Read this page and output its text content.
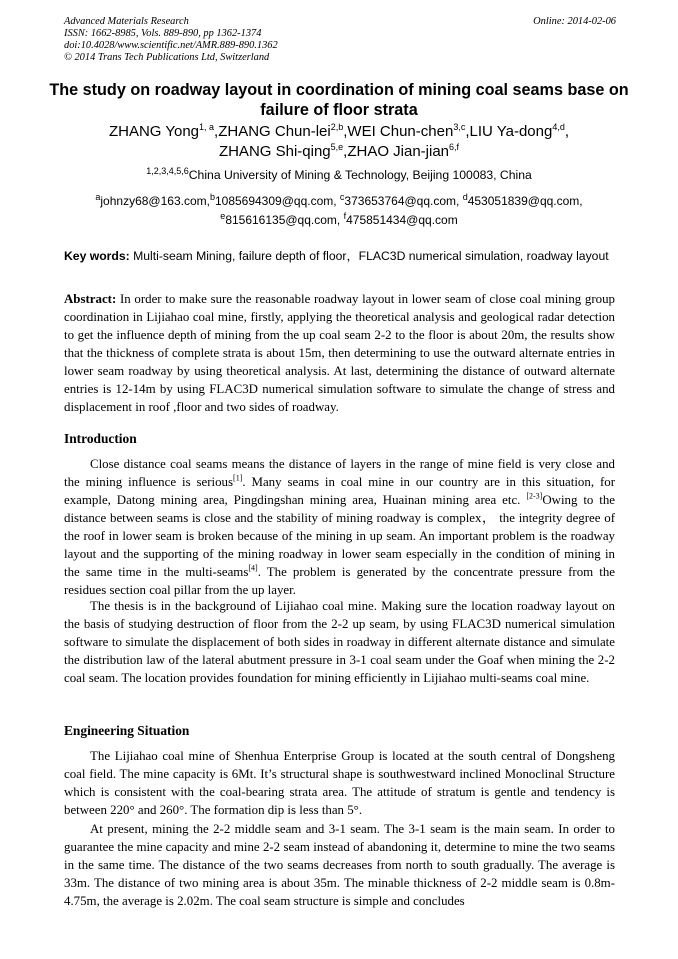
Advanced Materials Research
ISSN: 1662-8985, Vols. 889-890, pp 1362-1374
doi:10.4028/www.scientific.net/AMR.889-890.1362
© 2014 Trans Tech Publications Ltd, Switzerland
Online: 2014-02-06
The study on roadway layout in coordination of mining coal seams base on failure of floor strata
ZHANG Yong$^{1, a}$,ZHANG Chun-lei$^{2,b}$,WEI Chun-chen$^{3,c}$,LIU Ya-dong$^{4,d}$,
ZHANG Shi-qing$^{5,e}$,ZHAO Jian-jian$^{6,f}$
$^{1,2,3,4,5,6}$China University of Mining & Technology, Beijing 100083, China
$^a$johnzy68@163.com,$^b$1085694309@qq.com, $^c$373653764@qq.com, $^d$453051839@qq.com,
$^e$815616135@qq.com, $^f$475851434@qq.com
Key words: Multi-seam Mining, failure depth of floor，FLAC3D numerical simulation, roadway layout
Abstract: In order to make sure the reasonable roadway layout in lower seam of close coal mining group coordination in Lijiahao coal mine, firstly, applying the theoretical analysis and geological radar detection to get the influence depth of mining from the up coal seam 2-2 to the floor is about 20m, the results show that the thickness of complete strata is about 15m, then determining to use the outward alternate entries in lower seam roadway by using theoretical analysis. At last, determining the distance of outward alternate entries is 12-14m by using FLAC3D numerical simulation software to simulate the change of stress and displacement in roof ,floor and two sides of roadway.
Introduction
Close distance coal seams means the distance of layers in the range of mine field is very close and the mining influence is serious[1]. Many seams in coal mine in our country are in this situation, for example, Datong mining area, Pingdingshan mining area, Huainan mining area etc. [2-3]Owing to the distance between seams is close and the stability of mining roadway is complex， the integrity degree of the roof in lower seam is broken because of the mining in up seam. An important problem is the roadway layout and the supporting of the mining roadway in lower seam especially in the condition of mining in the same time in the multi-seams[4]. The problem is generated by the concentrate pressure from the residues section coal pillar from the up layer.
The thesis is in the background of Lijiahao coal mine. Making sure the location roadway layout on the basis of studying destruction of floor from the 2-2 up seam, by using FLAC3D numerical simulation software to simulate the displacement of both sides in roadway in different alternate distance and simulate the distribution law of the lateral abutment pressure in 3-1 coal seam under the Goaf when mining the 2-2 coal seam. The location provides foundation for mining efficiently in Lijiahao multi-seams coal mine.
Engineering Situation
The Lijiahao coal mine of Shenhua Enterprise Group is located at the south central of Dongsheng coal field. The mine capacity is 6Mt. It’s structural shape is southwestward inclined Monoclinal Structure which is consistent with the coal-bearing strata area. The attitude of stratum is gentle and tendency is between 220° and 260°. The formation dip is less than 5°.
At present, mining the 2-2 middle seam and 3-1 seam. The 3-1 seam is the main seam. In order to guarantee the mine capacity and mine 2-2 seam instead of abandoning it, determine to mine the two seams in the same time. The distance of the two seams decreases from north to south gradually. The average is 33m. The distance of two mining area is about 35m. The minable thickness of 2-2 middle seam is 0.8m-4.75m, the average is 2.02m. The coal seam structure is simple and concludes
